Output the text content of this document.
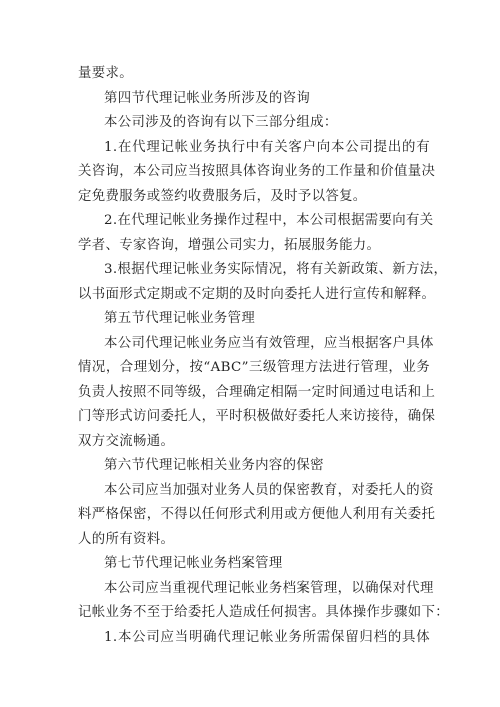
量要求。
第四节代理记帐业务所涉及的咨询
本公司涉及的咨询有以下三部分组成：
1.在代理记帐业务执行中有关客户向本公司提出的有
关咨询，本公司应当按照具体咨询业务的工作量和价值量决
定免费服务或签约收费服务后，及时予以答复。
2.在代理记帐业务操作过程中，本公司根据需要向有关
学者、专家咨询，增强公司实力，拓展服务能力。
3.根据代理记帐业务实际情况，将有关新政策、新方法，
以书面形式定期或不定期的及时向委托人进行宣传和解释。
第五节代理记帐业务管理
本公司代理记帐业务应当有效管理，应当根据客户具体
情况，合理划分，按“ABC”三级管理方法进行管理，业务
负责人按照不同等级，合理确定相隔一定时间通过电话和上
门等形式访问委托人，平时积极做好委托人来访接待，确保
双方交流畅通。
第六节代理记帐相关业务内容的保密
本公司应当加强对业务人员的保密教育，对委托人的资
料严格保密，不得以任何形式利用或方便他人利用有关委托
人的所有资料。
第七节代理记帐业务档案管理
本公司应当重视代理记帐业务档案管理，以确保对代理
记帐业务不至于给委托人造成任何损害。具体操作步骤如下：
1.本公司应当明确代理记帐业务所需保留归档的具体
